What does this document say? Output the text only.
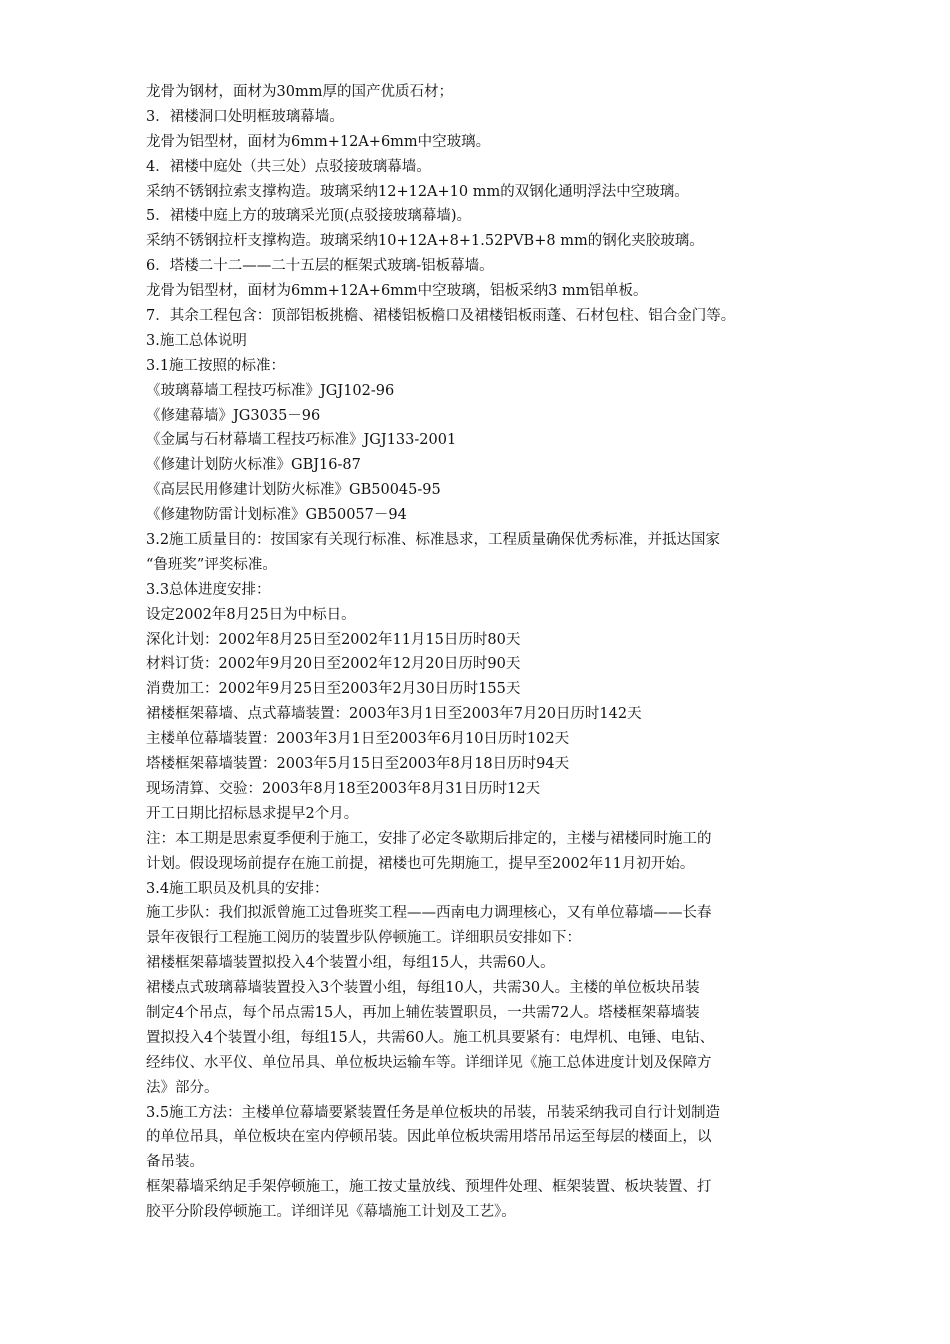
龙骨为钢材，面材为30mm厚的国产优质石材；
3．裙楼洞口处明框玻璃幕墙。
龙骨为铝型材，面材为6mm+12A+6mm中空玻璃。
4．裙楼中庭处（共三处）点驳接玻璃幕墙。
采纳不锈钢拉索支撑构造。玻璃采纳12+12A+10 mm的双钢化通明浮法中空玻璃。
5．裙楼中庭上方的玻璃采光顶(点驳接玻璃幕墙)。
采纳不锈钢拉杆支撑构造。玻璃采纳10+12A+8+1.52PVB+8 mm的钢化夹胶玻璃。
6．塔楼二十二——二十五层的框架式玻璃-铝板幕墙。
龙骨为铝型材，面材为6mm+12A+6mm中空玻璃，铝板采纳3 mm铝单板。
7．其余工程包含：顶部铝板挑檐、裙楼铝板檐口及裙楼铝板雨蓬、石材包柱、铝合金门等。
3.施工总体说明
3.1施工按照的标准：
《玻璃幕墙工程技巧标准》JGJ102-96
《修建幕墙》JG3035－96
《金属与石材幕墙工程技巧标准》JGJ133-2001
《修建计划防火标准》GBJ16-87
《高层民用修建计划防火标准》GB50045-95
《修建物防雷计划标准》GB50057－94
3.2施工质量目的：按国家有关现行标准、标准恳求，工程质量确保优秀标准，并抵达国家
“鲁班奖”评奖标准。
3.3总体进度安排：
设定2002年8月25日为中标日。
深化计划：2002年8月25日至2002年11月15日历时80天
材料订货：2002年9月20日至2002年12月20日历时90天
消费加工：2002年9月25日至2003年2月30日历时155天
裙楼框架幕墙、点式幕墙装置：2003年3月1日至2003年7月20日历时142天
主楼单位幕墙装置：2003年3月1日至2003年6月10日历时102天
塔楼框架幕墙装置：2003年5月15日至2003年8月18日历时94天
现场清算、交验：2003年8月18至2003年8月31日历时12天
开工日期比招标恳求提早2个月。
注：本工期是思索夏季便利于施工，安排了必定冬歇期后排定的，主楼与裙楼同时施工的
计划。假设现场前提存在施工前提，裙楼也可先期施工，提早至2002年11月初开始。
3.4施工职员及机具的安排：
施工步队：我们拟派曾施工过鲁班奖工程——西南电力调理核心，又有单位幕墙——长春
景年夜银行工程施工阅历的装置步队停顿施工。详细职员安排如下：
裙楼框架幕墙装置拟投入4个装置小组，每组15人，共需60人。
裙楼点式玻璃幕墙装置投入3个装置小组，每组10人，共需30人。主楼的单位板块吊装
制定4个吊点，每个吊点需15人，再加上辅佐装置职员，一共需72人。塔楼框架幕墙装
置拟投入4个装置小组，每组15人，共需60人。施工机具要紧有：电焊机、电锤、电钻、
经纬仪、水平仪、单位吊具、单位板块运输车等。详细详见《施工总体进度计划及保障方
法》部分。
3.5施工方法：主楼单位幕墙要紧装置任务是单位板块的吊装，吊装采纳我司自行计划制造
的单位吊具，单位板块在室内停顿吊装。因此单位板块需用塔吊吊运至每层的楼面上，以
备吊装。
框架幕墙采纳足手架停顿施工，施工按丈量放线、预埋件处理、框架装置、板块装置、打
胶平分阶段停顿施工。详细详见《幕墙施工计划及工艺》。
